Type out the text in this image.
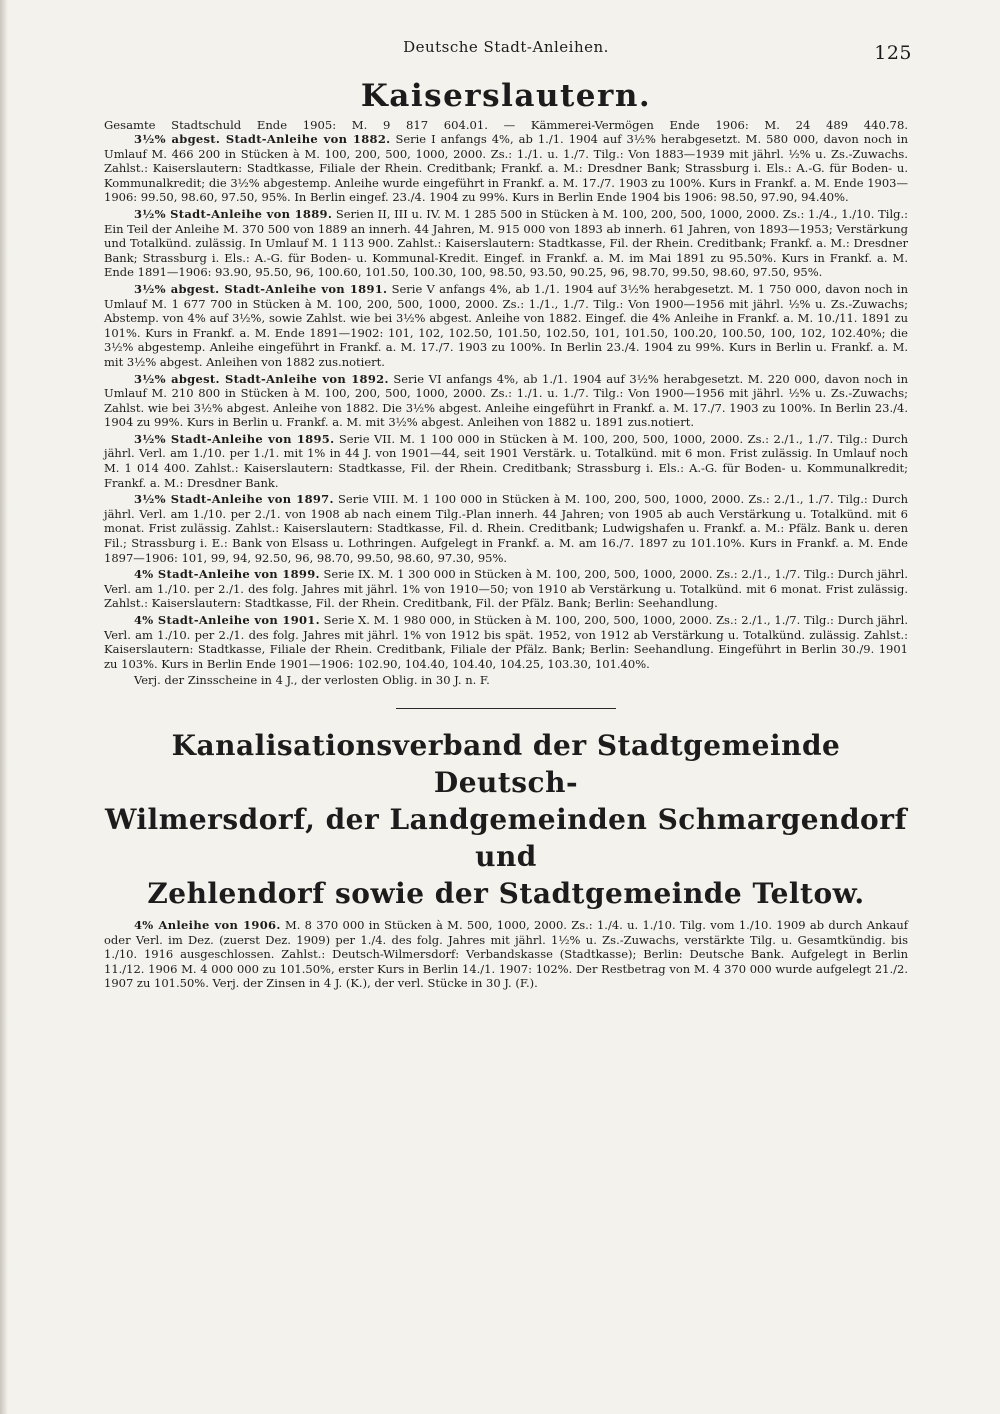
Deutsche Stadt-Anleihen.	125
Kaiserslautern.
Gesamte Stadtschuld Ende 1905: M. 9 817 604.01. — Kämmerei-Vermögen Ende 1906: M. 24 489 440.78.

3½% abgest. Stadt-Anleihe von 1882. Serie I anfangs 4%, ab 1./1. 1904 auf 3½% herabgesetzt. M. 580 000, davon noch in Umlauf M. 466 200 in Stücken à M. 100, 200, 500, 1000, 2000. Zs.: 1./1. u. 1./7. Tilg.: Von 1883—1939 mit jährl. ½% u. Zs.-Zuwachs. Zahlst.: Kaiserslautern: Stadtkasse, Filiale der Rhein. Creditbank; Frankf. a. M.: Dresdner Bank; Strassburg i. Els.: A.-G. für Boden- u. Kommunalkredit; die 3½% abgestemp. Anleihe wurde eingeführt in Frankf. a. M. 17./7. 1903 zu 100%. Kurs in Frankf. a. M. Ende 1903—1906: 99.50, 98.60, 97.50, 95%. In Berlin eingef. 23./4. 1904 zu 99%. Kurs in Berlin Ende 1904 bis 1906: 98.50, 97.90, 94.40%.

3½% Stadt-Anleihe von 1889. Serien II, III u. IV. M. 1 285 500 in Stücken à M. 100, 200, 500, 1000, 2000. Zs.: 1./4., 1./10. Tilg.: Ein Teil der Anleihe M. 370 500 von 1889 an innerh. 44 Jahren, M. 915 000 von 1893 ab innerh. 61 Jahren, von 1893—1953; Verstärkung und Totalkünd. zulässig. In Umlauf M. 1 113 900. Zahlst.: Kaiserslautern: Stadtkasse, Fil. der Rhein. Creditbank; Frankf. a. M.: Dresdner Bank; Strassburg i. Els.: A.-G. für Boden- u. Kommunal-Kredit. Eingef. in Frankf. a. M. im Mai 1891 zu 95.50%. Kurs in Frankf. a. M. Ende 1891—1906: 93.90, 95.50, 96, 100.60, 101.50, 100.30, 100, 98.50, 93.50, 90.25, 96, 98.70, 99.50, 98.60, 97.50, 95%.

3½% abgest. Stadt-Anleihe von 1891. Serie V anfangs 4%, ab 1./1. 1904 auf 3½% herabgesetzt. M. 1 750 000, davon noch in Umlauf M. 1 677 700 in Stücken à M. 100, 200, 500, 1000, 2000. Zs.: 1./1., 1./7. Tilg.: Von 1900—1956 mit jährl. ½% u. Zs.-Zuwachs; Abstemp. von 4% auf 3½%, sowie Zahlst. wie bei 3½% abgest. Anleihe von 1882. Eingef. die 4% Anleihe in Frankf. a. M. 10./11. 1891 zu 101%. Kurs in Frankf. a. M. Ende 1891—1902: 101, 102, 102.50, 101.50, 102.50, 101, 101.50, 100.20, 100.50, 100, 102, 102.40%; die 3½% abgestemp. Anleihe eingeführt in Frankf. a. M. 17./7. 1903 zu 100%. In Berlin 23./4. 1904 zu 99%. Kurs in Berlin u. Frankf. a. M. mit 3½% abgest. Anleihen von 1882 zus.notiert.

3½% abgest. Stadt-Anleihe von 1892. Serie VI anfangs 4%, ab 1./1. 1904 auf 3½% herabgesetzt. M. 220 000, davon noch in Umlauf M. 210 800 in Stücken à M. 100, 200, 500, 1000, 2000. Zs.: 1./1. u. 1./7. Tilg.: Von 1900—1956 mit jährl. ½% u. Zs.-Zuwachs; Zahlst. wie bei 3½% abgest. Anleihe von 1882. Die 3½% abgest. Anleihe eingeführt in Frankf. a. M. 17./7. 1903 zu 100%. In Berlin 23./4. 1904 zu 99%. Kurs in Berlin u. Frankf. a. M. mit 3½% abgest. Anleihen von 1882 u. 1891 zus.notiert.

3½% Stadt-Anleihe von 1895. Serie VII. M. 1 100 000 in Stücken à M. 100, 200, 500, 1000, 2000. Zs.: 2./1., 1./7. Tilg.: Durch jährl. Verl. am 1./10. per 1./1. mit 1% in 44 J. von 1901—44, seit 1901 Verstärk. u. Totalkünd. mit 6 mon. Frist zulässig. In Umlauf noch M. 1 014 400. Zahlst.: Kaiserslautern: Stadtkasse, Fil. der Rhein. Creditbank; Strassburg i. Els.: A.-G. für Boden- u. Kommunalkredit; Frankf. a. M.: Dresdner Bank.

3½% Stadt-Anleihe von 1897. Serie VIII. M. 1 100 000 in Stücken à M. 100, 200, 500, 1000, 2000. Zs.: 2./1., 1./7. Tilg.: Durch jährl. Verl. am 1./10. per 2./1. von 1908 ab nach einem Tilg.-Plan innerh. 44 Jahren; von 1905 ab auch Verstärkung u. Totalkünd. mit 6 monat. Frist zulässig. Zahlst.: Kaiserslautern: Stadtkasse, Fil. d. Rhein. Creditbank; Ludwigshafen u. Frankf. a. M.: Pfälz. Bank u. deren Fil.; Strassburg i. E.: Bank von Elsass u. Lothringen. Aufgelegt in Frankf. a. M. am 16./7. 1897 zu 101.10%. Kurs in Frankf. a. M. Ende 1897—1906: 101, 99, 94, 92.50, 96, 98.70, 99.50, 98.60, 97.30, 95%.

4% Stadt-Anleihe von 1899. Serie IX. M. 1 300 000 in Stücken à M. 100, 200, 500, 1000, 2000. Zs.: 2./1., 1./7. Tilg.: Durch jährl. Verl. am 1./10. per 2./1. des folg. Jahres mit jährl. 1% von 1910—50; von 1910 ab Verstärkung u. Totalkünd. mit 6 monat. Frist zulässig. Zahlst.: Kaiserslautern: Stadtkasse, Fil. der Rhein. Creditbank, Fil. der Pfälz. Bank; Berlin: Seehandlung.

4% Stadt-Anleihe von 1901. Serie X. M. 1 980 000, in Stücken à M. 100, 200, 500, 1000, 2000. Zs.: 2./1., 1./7. Tilg.: Durch jährl. Verl. am 1./10. per 2./1. des folg. Jahres mit jährl. 1% von 1912 bis spät. 1952, von 1912 ab Verstärkung u. Totalkünd. zulässig. Zahlst.: Kaiserslautern: Stadtkasse, Filiale der Rhein. Creditbank, Filiale der Pfälz. Bank; Berlin: Seehandlung. Eingeführt in Berlin 30./9. 1901 zu 103%. Kurs in Berlin Ende 1901—1906: 102.90, 104.40, 104.40, 104.25, 103.30, 101.40%.

Verj. der Zinsscheine in 4 J., der verlosten Oblig. in 30 J. n. F.

Kanalisationsverband der Stadtgemeinde Deutsch-
Wilmersdorf, der Landgemeinden Schmargendorf und
Zehlendorf sowie der Stadtgemeinde Teltow.

4% Anleihe von 1906. M. 8 370 000 in Stücken à M. 500, 1000, 2000. Zs.: 1./4. u. 1./10. Tilg. vom 1./10. 1909 ab durch Ankauf oder Verl. im Dez. (zuerst Dez. 1909) per 1./4. des folg. Jahres mit jährl. 1½% u. Zs.-Zuwachs, verstärkte Tilg. u. Gesamtkündig. bis 1./10. 1916 ausgeschlossen. Zahlst.: Deutsch-Wilmersdorf: Verbandskasse (Stadtkasse); Berlin: Deutsche Bank. Aufgelegt in Berlin 11./12. 1906 M. 4 000 000 zu 101.50%, erster Kurs in Berlin 14./1. 1907: 102%. Der Restbetrag von M. 4 370 000 wurde aufgelegt 21./2. 1907 zu 101.50%. Verj. der Zinsen in 4 J. (K.), der verl. Stücke in 30 J. (F.).
